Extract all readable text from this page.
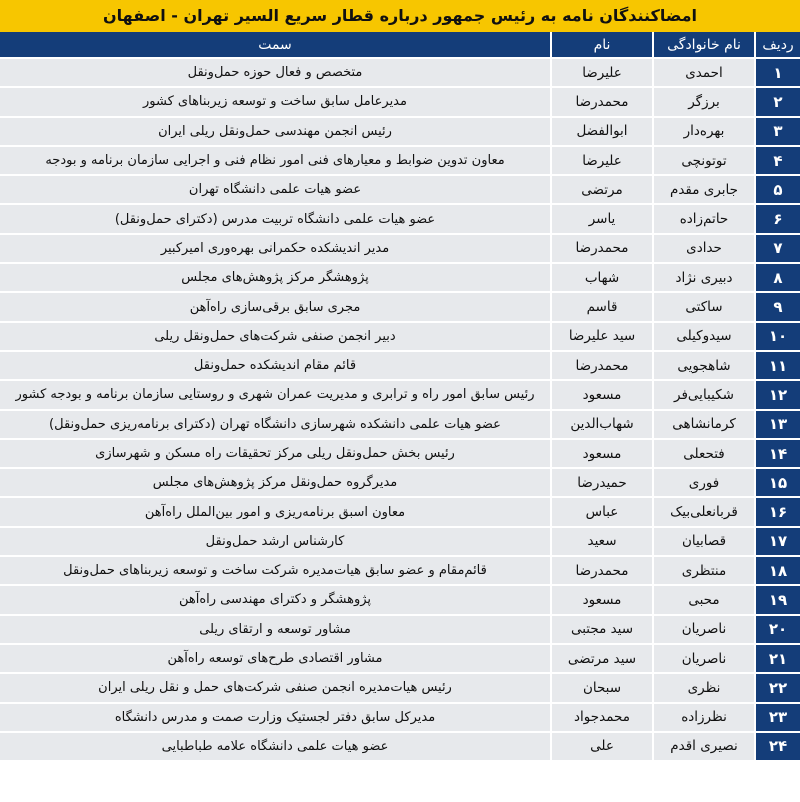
امضاکنندگان نامه به رئیس جمهور درباره قطار سریع السیر تهران - اصفهان
ردیف
نام خانوادگی
نام
سمت
۱
احمدی
علیرضا
متخصص و فعال حوزه حمل‌ونقل
۲
برزگر
محمدرضا
مدیرعامل سابق ساخت و توسعه زیربناهای کشور
۳
بهره‌دار
ابوالفضل
رئیس انجمن مهندسی حمل‌ونقل ریلی ایران
۴
توتونچی
علیرضا
معاون تدوین ضوابط و معیارهای فنی امور نظام فنی و اجرایی سازمان برنامه و بودجه
۵
جابری مقدم
مرتضی
عضو هیات علمی دانشگاه تهران
۶
حاتم‌زاده
یاسر
عضو هیات علمی دانشگاه تربیت مدرس (دکترای حمل‌ونقل)
۷
حدادی
محمدرضا
مدیر اندیشکده حکمرانی بهره‌وری امیرکبیر
۸
دبیری نژاد
شهاب
پژوهشگر مرکز پژوهش‌های مجلس
۹
ساکتی
قاسم
مجری سابق برقی‌سازی راه‌آهن
۱۰
سیدوکیلی
سید علیرضا
دبیر انجمن صنفی شرکت‌های حمل‌ونقل ریلی
۱۱
شاهجویی
محمدرضا
قائم مقام اندیشکده حمل‌ونقل
۱۲
شکیبایی‌فر
مسعود
رئیس سابق امور راه و ترابری و مدیریت عمران شهری و روستایی سازمان برنامه و بودجه کشور
۱۳
کرمانشاهی
شهاب‌الدین
عضو هیات علمی دانشکده شهرسازی دانشگاه تهران (دکترای برنامه‌ریزی حمل‌ونقل)
۱۴
فتحعلی
مسعود
رئیس بخش حمل‌ونقل ریلی مرکز تحقیقات راه مسکن و شهرسازی
۱۵
فوری
حمیدرضا
مدیرگروه حمل‌ونقل مرکز پژوهش‌های مجلس
۱۶
قربانعلی‌بیک
عباس
معاون اسبق برنامه‌ریزی و امور بین‌الملل راه‌آهن
۱۷
قصابیان
سعید
کارشناس ارشد حمل‌ونقل
۱۸
منتظری
محمدرضا
قائم‌مقام و عضو سابق هیات‌مدیره شرکت ساخت و توسعه زیربناهای حمل‌ونقل
۱۹
محبی
مسعود
پژوهشگر و دکترای مهندسی راه‌آهن
۲۰
ناصریان
سید مجتبی
مشاور توسعه و ارتقای ریلی
۲۱
ناصریان
سید مرتضی
مشاور اقتصادی طرح‌های توسعه راه‌آهن
۲۲
نظری
سبحان
رئیس هیات‌مدیره انجمن صنفی شرکت‌های حمل و نقل ریلی ایران
۲۳
نظرزاده
محمدجواد
مدیرکل سابق دفتر لجستیک وزارت صمت و مدرس دانشگاه
۲۴
نصیری اقدم
علی
عضو هیات علمی دانشگاه علامه طباطبایی
